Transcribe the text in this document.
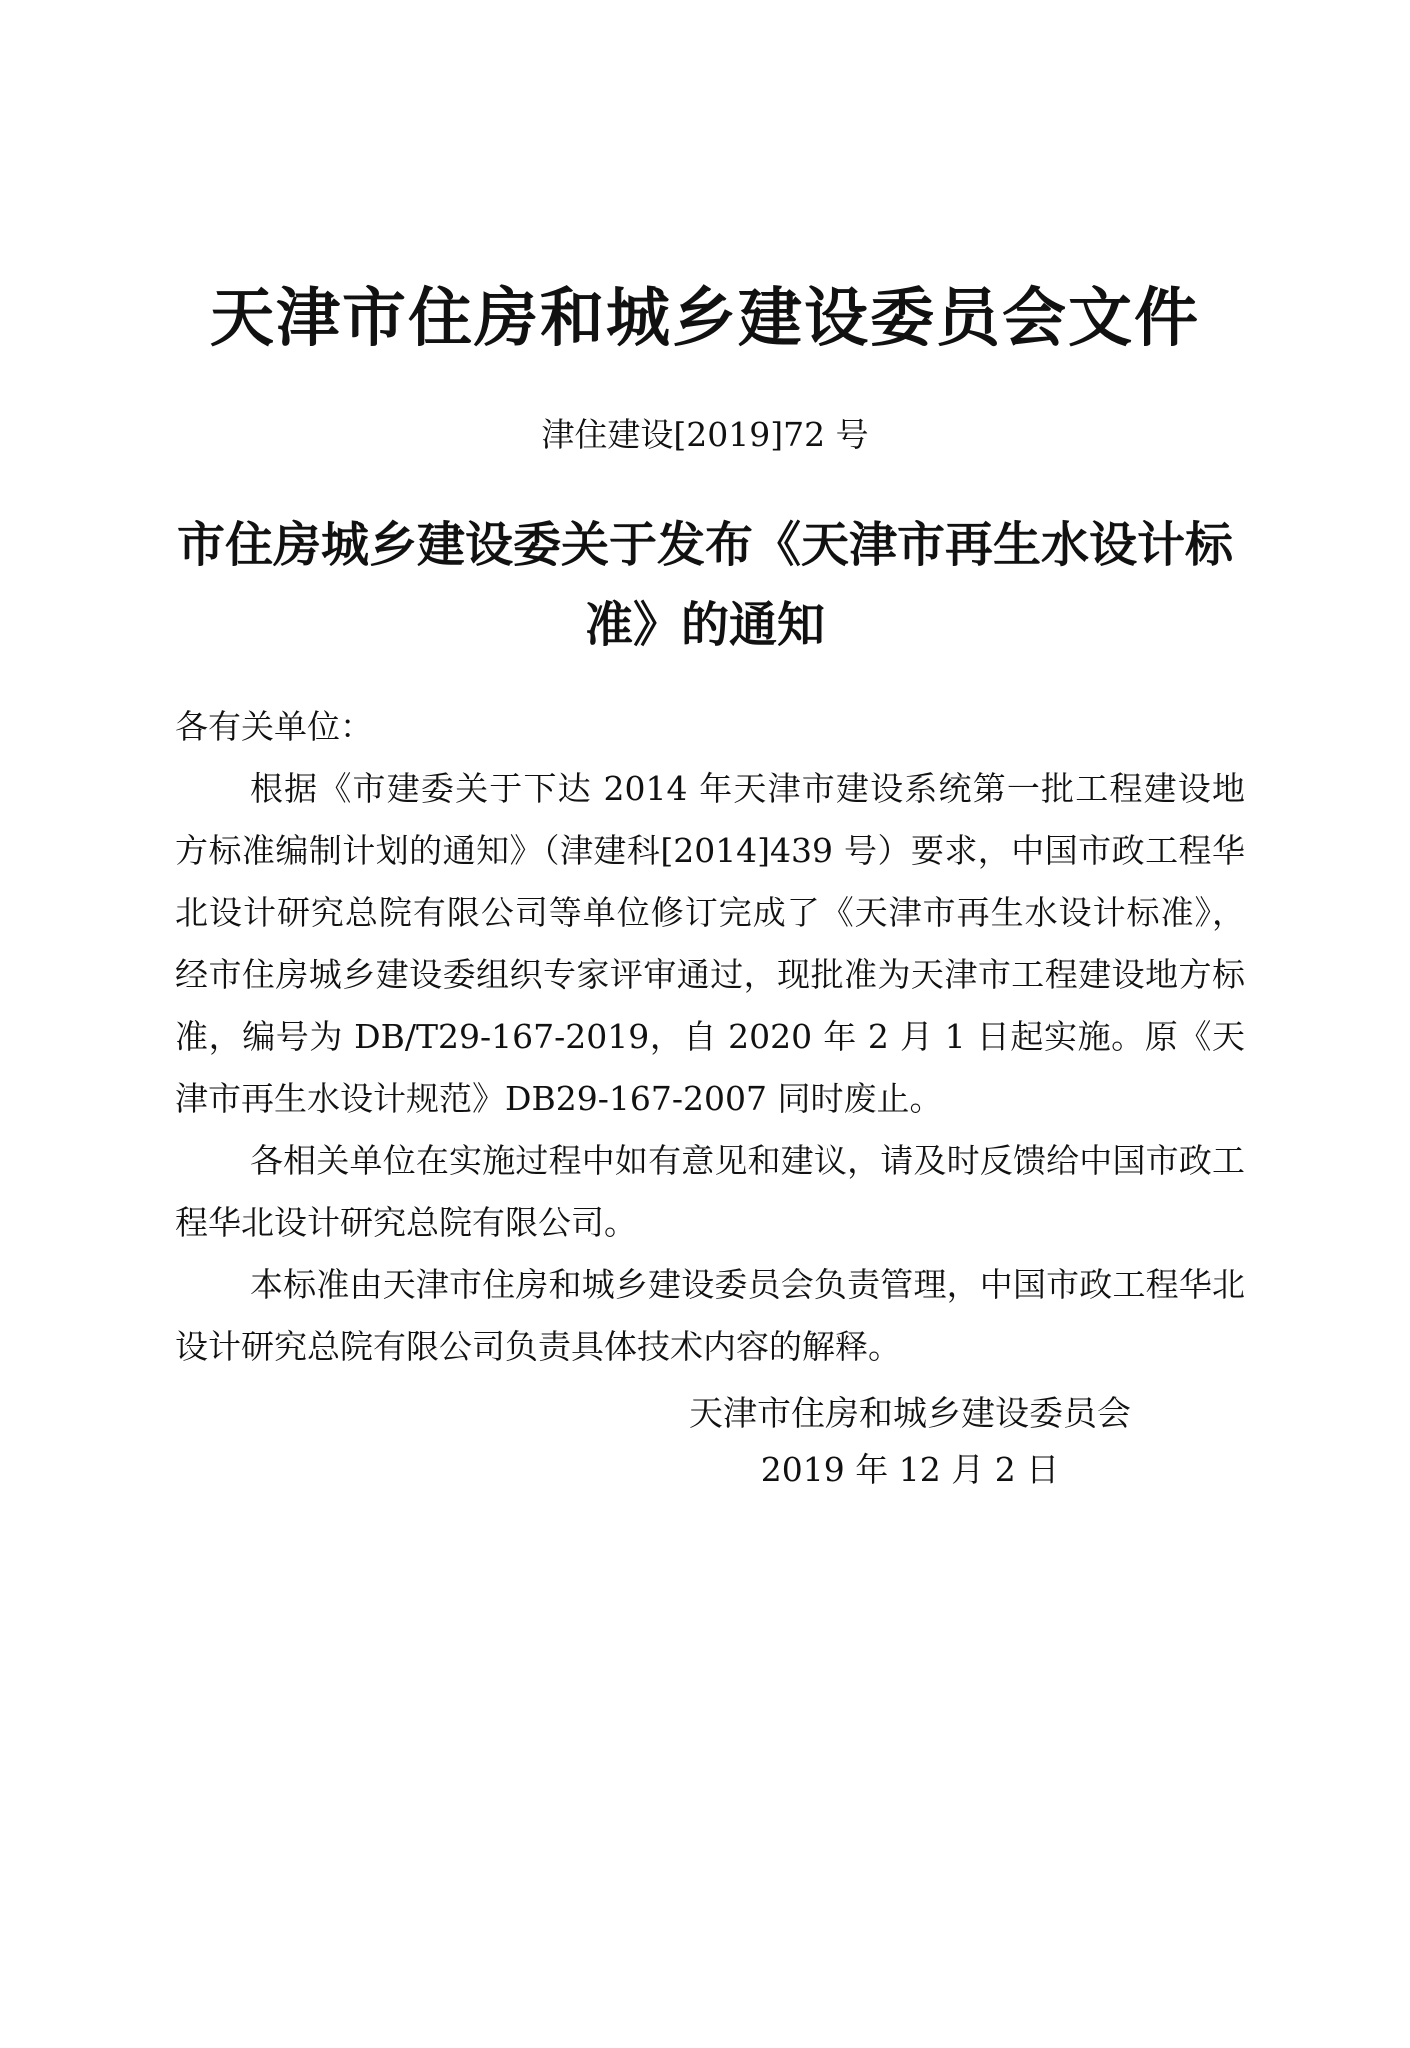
天津市住房和城乡建设委员会文件
津住建设[2019]72 号
市住房城乡建设委关于发布《天津市再生水设计标准》的通知

各有关单位：

根据《市建委关于下达 2014 年天津市建设系统第一批工程建设地方标准编制计划的通知》（津建科[2014]439 号）要求，中国市政工程华北设计研究总院有限公司等单位修订完成了《天津市再生水设计标准》，经市住房城乡建设委组织专家评审通过，现批准为天津市工程建设地方标准，编号为 DB/T29-167-2019，自 2020 年 2 月 1 日起实施。原《天津市再生水设计规范》DB29-167-2007 同时废止。

各相关单位在实施过程中如有意见和建议，请及时反馈给中国市政工程华北设计研究总院有限公司。

本标准由天津市住房和城乡建设委员会负责管理，中国市政工程华北设计研究总院有限公司负责具体技术内容的解释。

天津市住房和城乡建设委员会
2019 年 12 月 2 日
